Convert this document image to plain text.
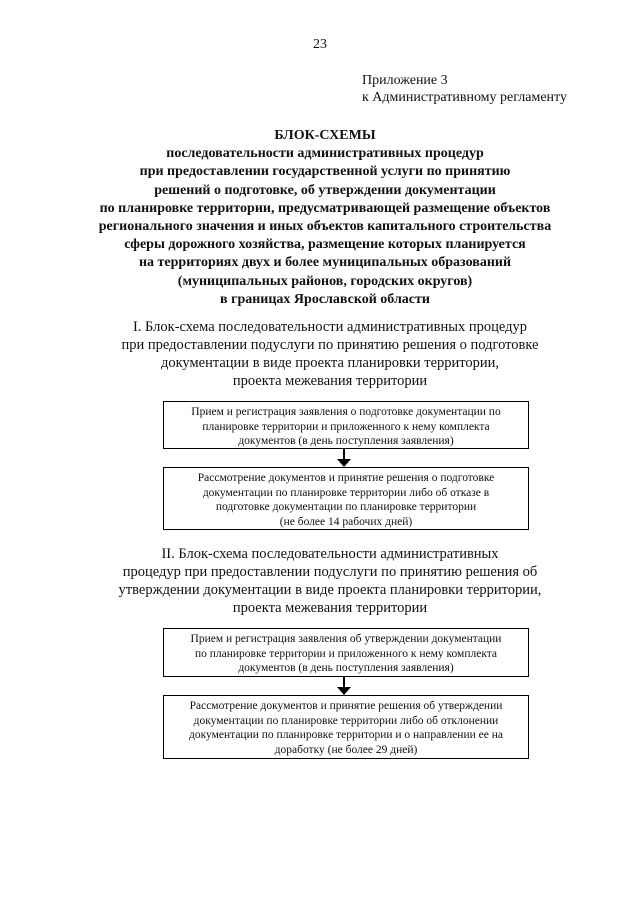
23
Приложение 3
к Административному регламенту
БЛОК-СХЕМЫ
последовательности административных процедур
при предоставлении государственной услуги по принятию
решений о подготовке, об утверждении документации
по планировке территории, предусматривающей размещение объектов
регионального значения и иных объектов капитального строительства
сферы дорожного хозяйства, размещение которых планируется
на территориях двух и более муниципальных образований
(муниципальных районов, городских округов)
в границах Ярославской области
I. Блок-схема последовательности административных процедур
при предоставлении подуслуги по принятию решения о подготовке
документации в виде проекта планировки территории,
проекта межевания территории
Прием и регистрация заявления о подготовке документации по
планировке территории и приложенного к нему комплекта
документов (в день поступления заявления)
Рассмотрение документов и принятие решения о подготовке
документации по планировке территории либо об отказе в
подготовке документации по планировке территории
(не более 14 рабочих дней)
II. Блок-схема последовательности административных
процедур при предоставлении подуслуги по принятию решения об
утверждении документации в виде проекта планировки территории,
проекта межевания территории
Прием и регистрация заявления об утверждении документации
по планировке территории и приложенного к нему комплекта
документов (в день поступления заявления)
Рассмотрение документов и принятие решения об утверждении
документации по планировке территории либо об отклонении
документации по планировке территории и о направлении ее на
доработку (не более 29 дней)
